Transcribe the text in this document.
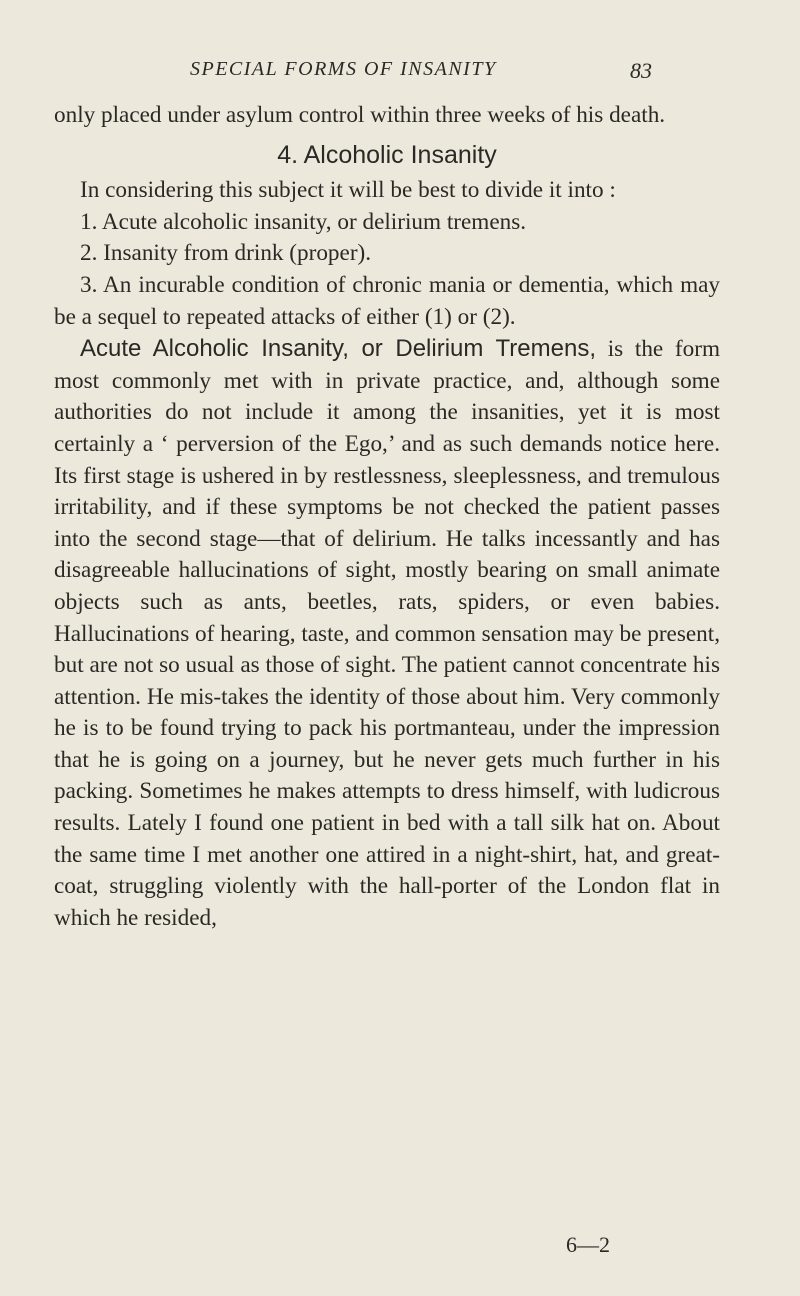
SPECIAL FORMS OF INSANITY	83

only placed under asylum control within three weeks of his death.

4. Alcoholic Insanity

In considering this subject it will be best to divide it into :

1. Acute alcoholic insanity, or delirium tremens.

2. Insanity from drink (proper).

3. An incurable condition of chronic mania or dementia, which may be a sequel to repeated attacks of either (1) or (2).

Acute Alcoholic Insanity, or Delirium Tremens, is the form most commonly met with in private practice, and, although some authorities do not include it among the insanities, yet it is most certainly a ‘ perversion of the Ego,’ and as such demands notice here. Its first stage is ushered in by restlessness, sleeplessness, and tremulous irritability, and if these symptoms be not checked the patient passes into the second stage—that of delirium. He talks incessantly and has disagreeable hallucinations of sight, mostly bearing on small animate objects such as ants, beetles, rats, spiders, or even babies. Hallucinations of hearing, taste, and common sensation may be present, but are not so usual as those of sight. The patient cannot concentrate his attention. He mis-takes the identity of those about him. Very commonly he is to be found trying to pack his portmanteau, under the impression that he is going on a journey, but he never gets much further in his packing. Sometimes he makes attempts to dress himself, with ludicrous results. Lately I found one patient in bed with a tall silk hat on. About the same time I met another one attired in a night-shirt, hat, and great-coat, struggling violently with the hall-porter of the London flat in which he resided,

6—2
